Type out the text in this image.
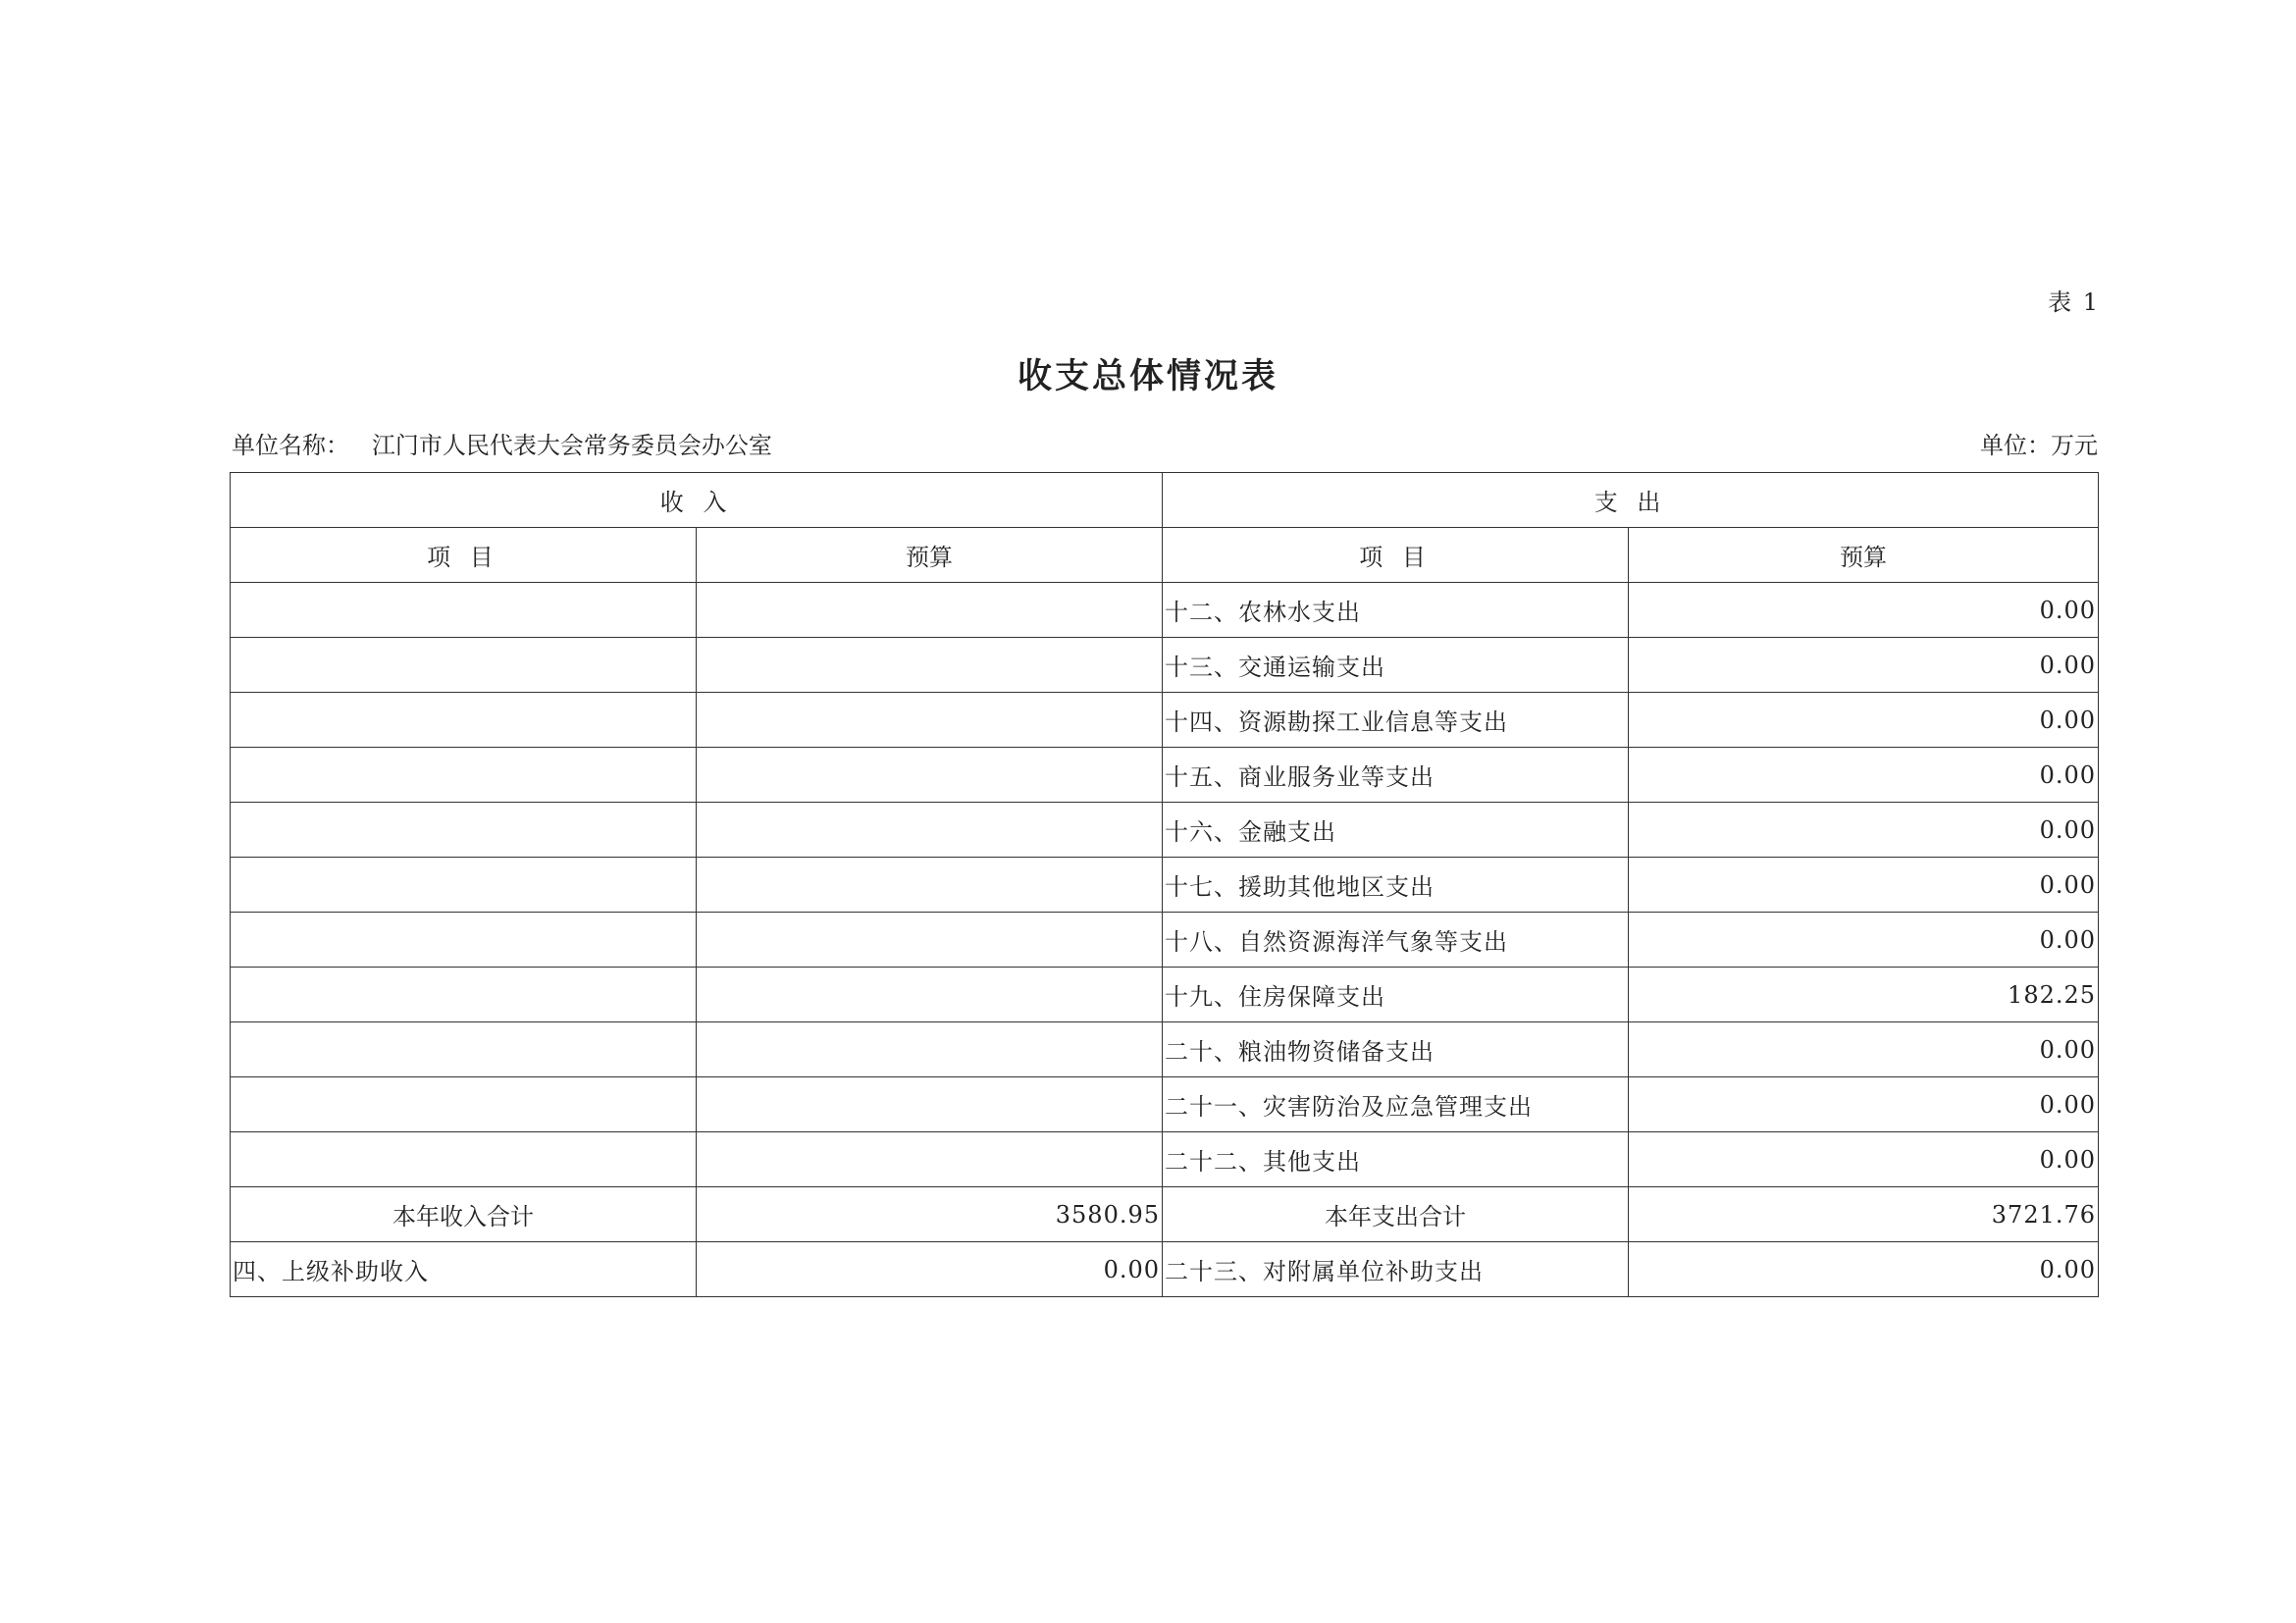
表 1
收支总体情况表
单位名称：   江门市人民代表大会常务委员会办公室	单位：万元
收 入		支 出	
项 目	预算	项 目	预算
		十二、农林水支出	0.00
		十三、交通运输支出	0.00
		十四、资源勘探工业信息等支出	0.00
		十五、商业服务业等支出	0.00
		十六、金融支出	0.00
		十七、援助其他地区支出	0.00
		十八、自然资源海洋气象等支出	0.00
		十九、住房保障支出	182.25
		二十、粮油物资储备支出	0.00
		二十一、灾害防治及应急管理支出	0.00
		二十二、其他支出	0.00
本年收入合计	3580.95	本年支出合计	3721.76
四、上级补助收入	0.00	二十三、对附属单位补助支出	0.00
